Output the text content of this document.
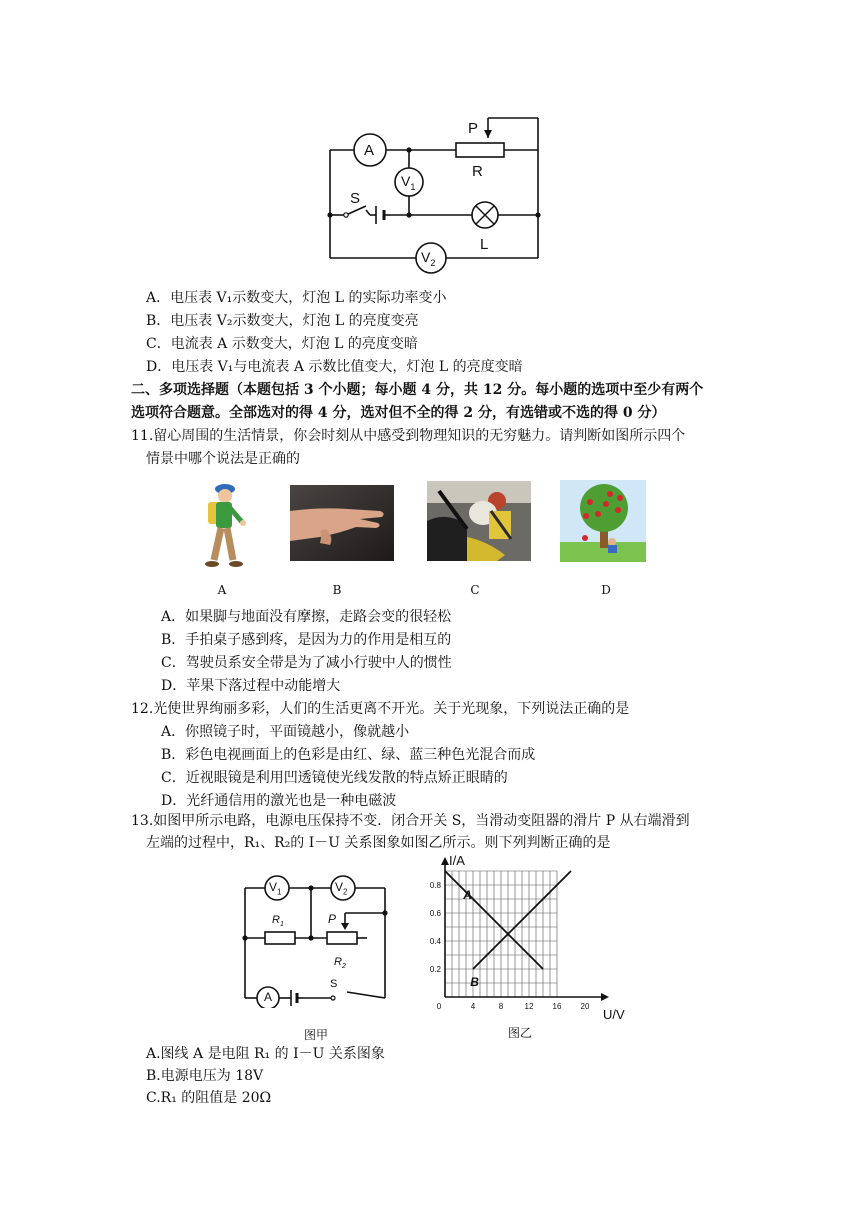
A
$V_1$
P
R
S
L
$V_2$
A．电压表 V₁示数变大，灯泡 L 的实际功率变小
B．电压表 V₂示数变大，灯泡 L 的亮度变亮
C．电流表 A 示数变大，灯泡 L 的亮度变暗
D．电压表 V₁与电流表 A 示数比值变大，灯泡 L 的亮度变暗
二、多项选择题（本题包括 3 个小题；每小题 4 分，共 12 分。每小题的选项中至少有两个
选项符合题意。全部选对的得 4 分，选对但不全的得 2 分，有选错或不选的得 0 分）
11.留心周围的生活情景，你会时刻从中感受到物理知识的无穷魅力。请判断如图所示四个
情景中哪个说法是正确的
A	B	C	D
A．如果脚与地面没有摩擦，走路会变的很轻松
B．手拍桌子感到疼，是因为力的作用是相互的
C．驾驶员系安全带是为了减小行驶中人的惯性
D．苹果下落过程中动能增大
12.光使世界绚丽多彩，人们的生活更离不开光。关于光现象，下列说法正确的是
A．你照镜子时，平面镜越小，像就越小
B．彩色电视画面上的色彩是由红、绿、蓝三种色光混合而成
C．近视眼镜是利用凹透镜使光线发散的特点矫正眼睛的
D．光纤通信用的激光也是一种电磁波
13.如图甲所示电路，电源电压保持不变．闭合开关 S，当滑动变阻器的滑片 P 从右端滑到
左端的过程中，R₁、R₂的 I－U 关系图象如图乙所示。则下列判断正确的是
$V_1$	$V_2$
$R_1$	P
$R_2$
A
S
图甲
0	4	8	12 16 20
0.2
0.4
0.6
0.8
I/A
U/V
A
B
图乙
A.图线 A 是电阻 R₁ 的 I－U 关系图象
B.电源电压为 18V
C.R₁ 的阻值是 20Ω
